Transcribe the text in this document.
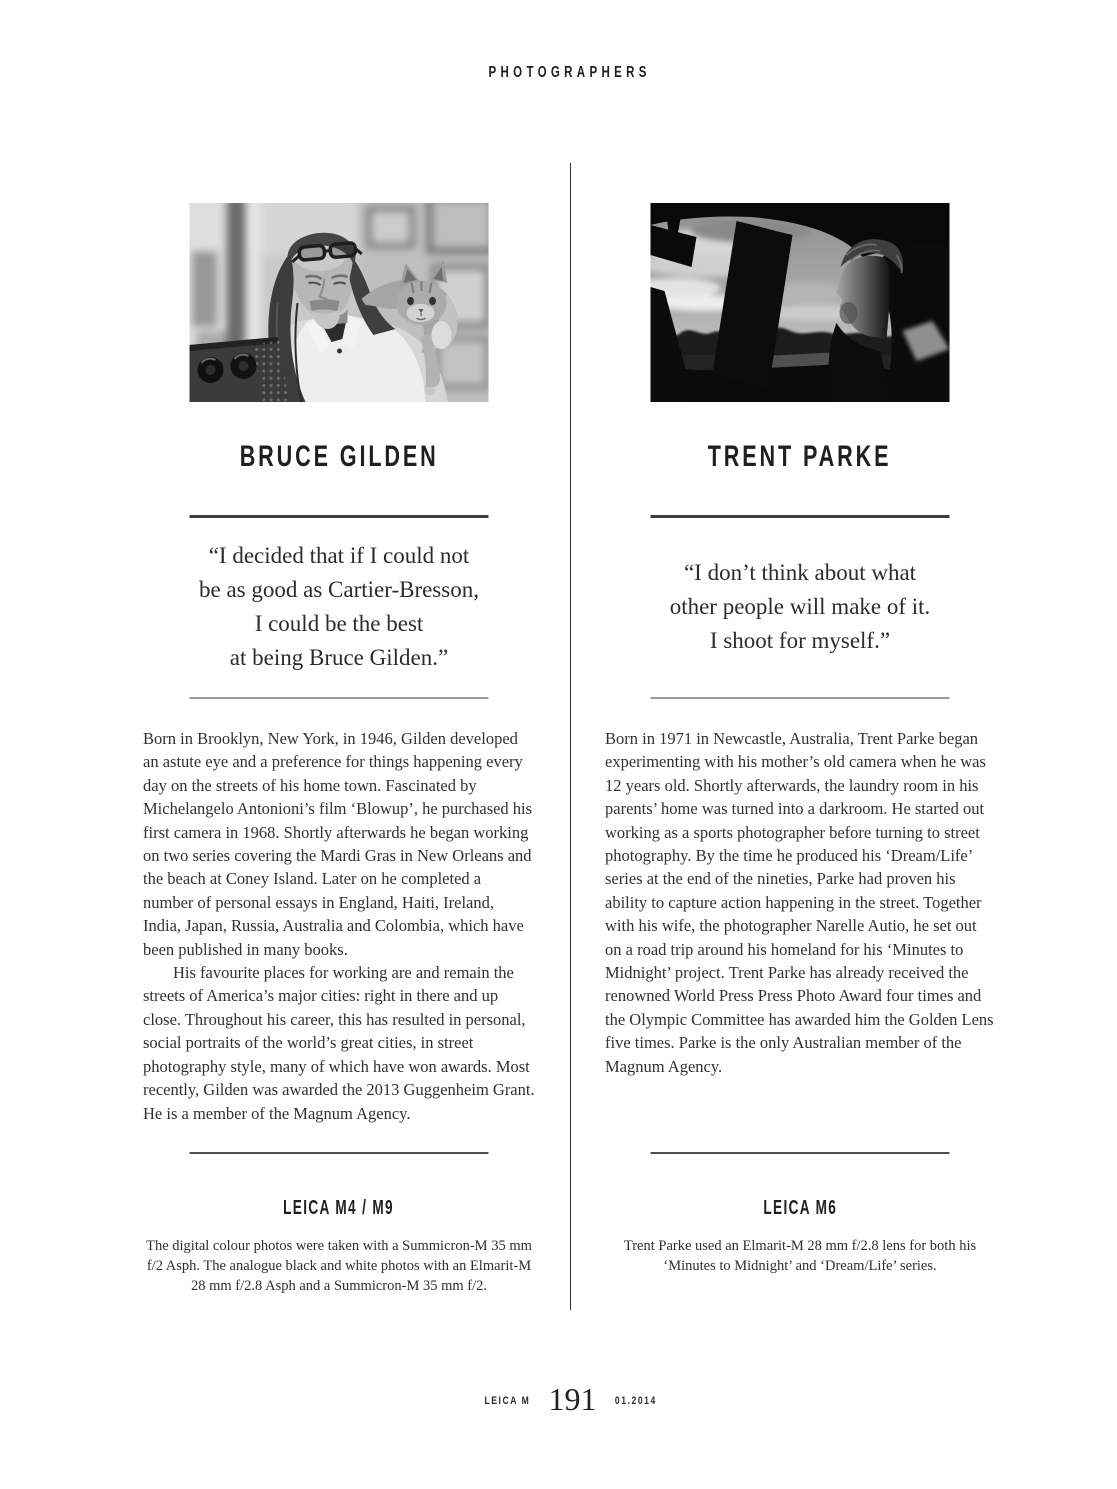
PHOTOGRAPHERS
BRUCE GILDEN
“I decided that if I could not
be as good as Cartier-Bresson,
I could be the best
at being Bruce Gilden.”

Born in Brooklyn, New York, in 1946, Gilden developed an astute eye and a preference for things happening every day on the streets of his home town. Fascinated by Michelangelo Antonioni’s film ‘Blowup’, he purchased his first camera in 1968. Shortly afterwards he began working on two series covering the Mardi Gras in New Orleans and the beach at Coney Island. Later on he completed a number of personal essays in England, Haiti, Ireland, India, Japan, Russia, Australia and Colombia, which have been published in many books.

His favourite places for working are and remain the streets of America’s major cities: right in there and up close. Throughout his career, this has resulted in personal, social portraits of the world’s great cities, in street photography style, many of which have won awards. Most recently, Gilden was awarded the 2013 Guggenheim Grant. He is a member of the Magnum Agency.

LEICA M4 / M9
The digital colour photos were taken with a Summicron-M 35 mm f/2 Asph. The analogue black and white photos with an Elmarit-M 28 mm f/2.8 Asph and a Summicron-M 35 mm f/2.
TRENT PARKE
“I don’t think about what
other people will make of it.
I shoot for myself.”

Born in 1971 in Newcastle, Australia, Trent Parke began experimenting with his mother’s old camera when he was 12 years old. Shortly afterwards, the laundry room in his parents’ home was turned into a darkroom. He started out working as a sports photographer before turning to street photography. By the time he produced his ‘Dream/Life’ series at the end of the nineties, Parke had proven his ability to capture action happening in the street. Together with his wife, the photographer Narelle Autio, he set out on a road trip around his homeland for his ‘Minutes to Midnight’ project. Trent Parke has already received the renowned World Press Press Photo Award four times and the Olympic Committee has awarded him the Golden Lens five times. Parke is the only Australian member of the Magnum Agency.

LEICA M6
Trent Parke used an Elmarit-M 28 mm f/2.8 lens for both his ‘Minutes to Midnight’ and ‘Dream/Life’ series.
LEICA M 191	01.2014
